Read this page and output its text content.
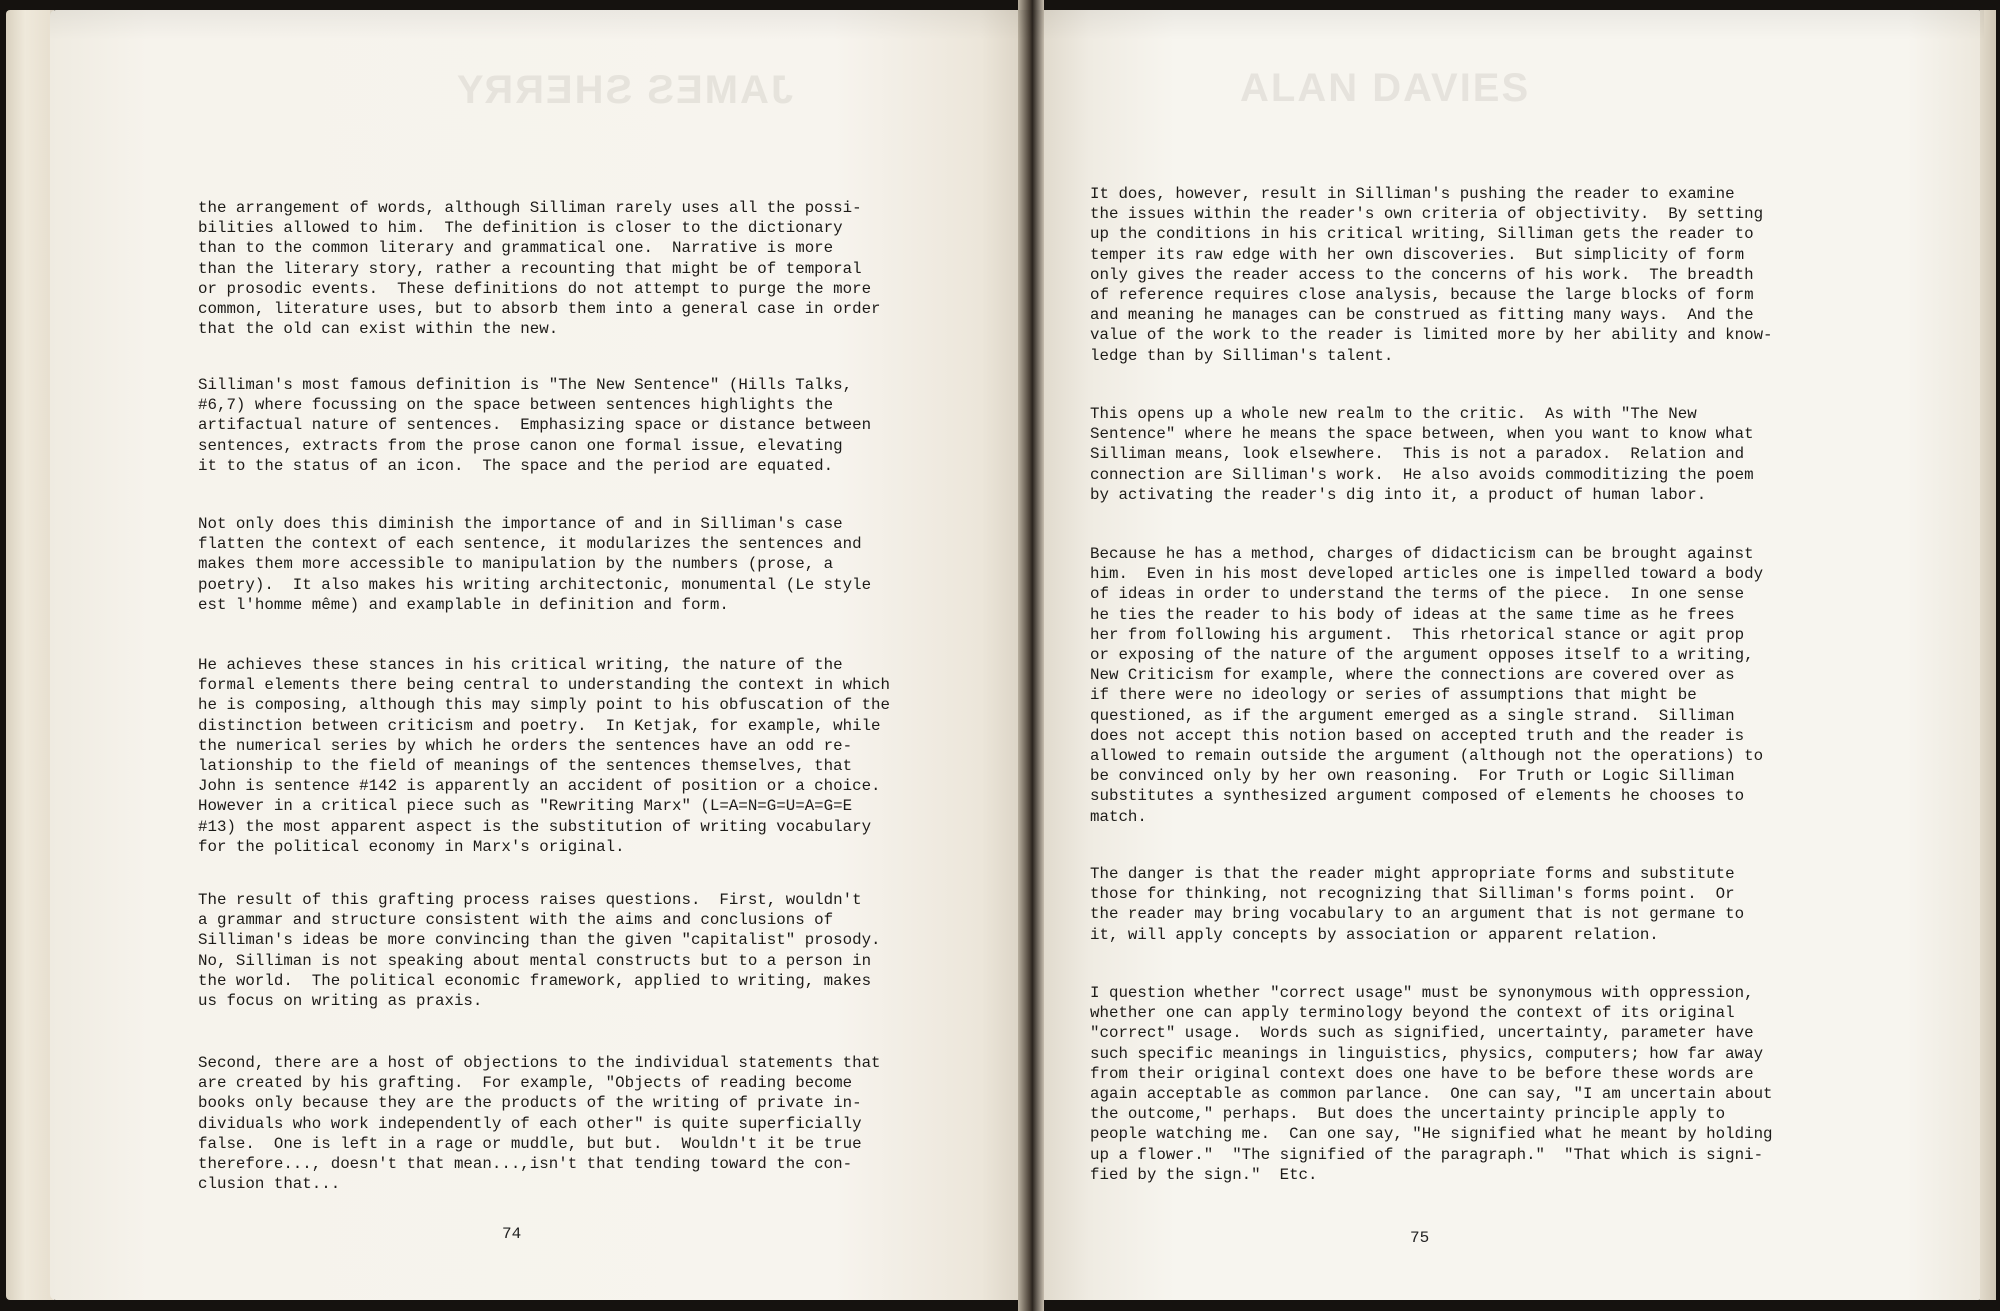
JAMES SHERRY	ALAN DAVIES
the arrangement of words, although Silliman rarely uses all the possi-
bilities allowed to him.  The definition is closer to the dictionary
than to the common literary and grammatical one.  Narrative is more
than the literary story, rather a recounting that might be of temporal
or prosodic events.  These definitions do not attempt to purge the more
common, literature uses, but to absorb them into a general case in order
that the old can exist within the new.
Silliman's most famous definition is "The New Sentence" (Hills Talks,
#6,7) where focussing on the space between sentences highlights the
artifactual nature of sentences.  Emphasizing space or distance between
sentences, extracts from the prose canon one formal issue, elevating
it to the status of an icon.  The space and the period are equated.
Not only does this diminish the importance of and in Silliman's case
flatten the context of each sentence, it modularizes the sentences and
makes them more accessible to manipulation by the numbers (prose, a
poetry).  It also makes his writing architectonic, monumental (Le style
est l'homme même) and examplable in definition and form.
He achieves these stances in his critical writing, the nature of the
formal elements there being central to understanding the context in which
he is composing, although this may simply point to his obfuscation of the
distinction between criticism and poetry.  In Ketjak, for example, while
the numerical series by which he orders the sentences have an odd re-
lationship to the field of meanings of the sentences themselves, that
John is sentence #142 is apparently an accident of position or a choice.
However in a critical piece such as "Rewriting Marx" (L=A=N=G=U=A=G=E
#13) the most apparent aspect is the substitution of writing vocabulary
for the political economy in Marx's original.
The result of this grafting process raises questions.  First, wouldn't
a grammar and structure consistent with the aims and conclusions of
Silliman's ideas be more convincing than the given "capitalist" prosody.
No, Silliman is not speaking about mental constructs but to a person in
the world.  The political economic framework, applied to writing, makes
us focus on writing as praxis.
Second, there are a host of objections to the individual statements that
are created by his grafting.  For example, "Objects of reading become
books only because they are the products of the writing of private in-
dividuals who work independently of each other" is quite superficially
false.  One is left in a rage or muddle, but but.  Wouldn't it be true
therefore..., doesn't that mean...,isn't that tending toward the con-
clusion that...
74
It does, however, result in Silliman's pushing the reader to examine
the issues within the reader's own criteria of objectivity.  By setting
up the conditions in his critical writing, Silliman gets the reader to
temper its raw edge with her own discoveries.  But simplicity of form
only gives the reader access to the concerns of his work.  The breadth
of reference requires close analysis, because the large blocks of form
and meaning he manages can be construed as fitting many ways.  And the
value of the work to the reader is limited more by her ability and know-
ledge than by Silliman's talent.
This opens up a whole new realm to the critic.  As with "The New
Sentence" where he means the space between, when you want to know what
Silliman means, look elsewhere.  This is not a paradox.  Relation and
connection are Silliman's work.  He also avoids commoditizing the poem
by activating the reader's dig into it, a product of human labor.
Because he has a method, charges of didacticism can be brought against
him.  Even in his most developed articles one is impelled toward a body
of ideas in order to understand the terms of the piece.  In one sense
he ties the reader to his body of ideas at the same time as he frees
her from following his argument.  This rhetorical stance or agit prop
or exposing of the nature of the argument opposes itself to a writing,
New Criticism for example, where the connections are covered over as
if there were no ideology or series of assumptions that might be
questioned, as if the argument emerged as a single strand.  Silliman
does not accept this notion based on accepted truth and the reader is
allowed to remain outside the argument (although not the operations) to
be convinced only by her own reasoning.  For Truth or Logic Silliman
substitutes a synthesized argument composed of elements he chooses to
match.
The danger is that the reader might appropriate forms and substitute
those for thinking, not recognizing that Silliman's forms point.  Or
the reader may bring vocabulary to an argument that is not germane to
it, will apply concepts by association or apparent relation.
I question whether "correct usage" must be synonymous with oppression,
whether one can apply terminology beyond the context of its original
"correct" usage.  Words such as signified, uncertainty, parameter have
such specific meanings in linguistics, physics, computers; how far away
from their original context does one have to be before these words are
again acceptable as common parlance.  One can say, "I am uncertain about
the outcome," perhaps.  But does the uncertainty principle apply to
people watching me.  Can one say, "He signified what he meant by holding
up a flower."  "The signified of the paragraph."  "That which is signi-
fied by the sign."  Etc.
75
